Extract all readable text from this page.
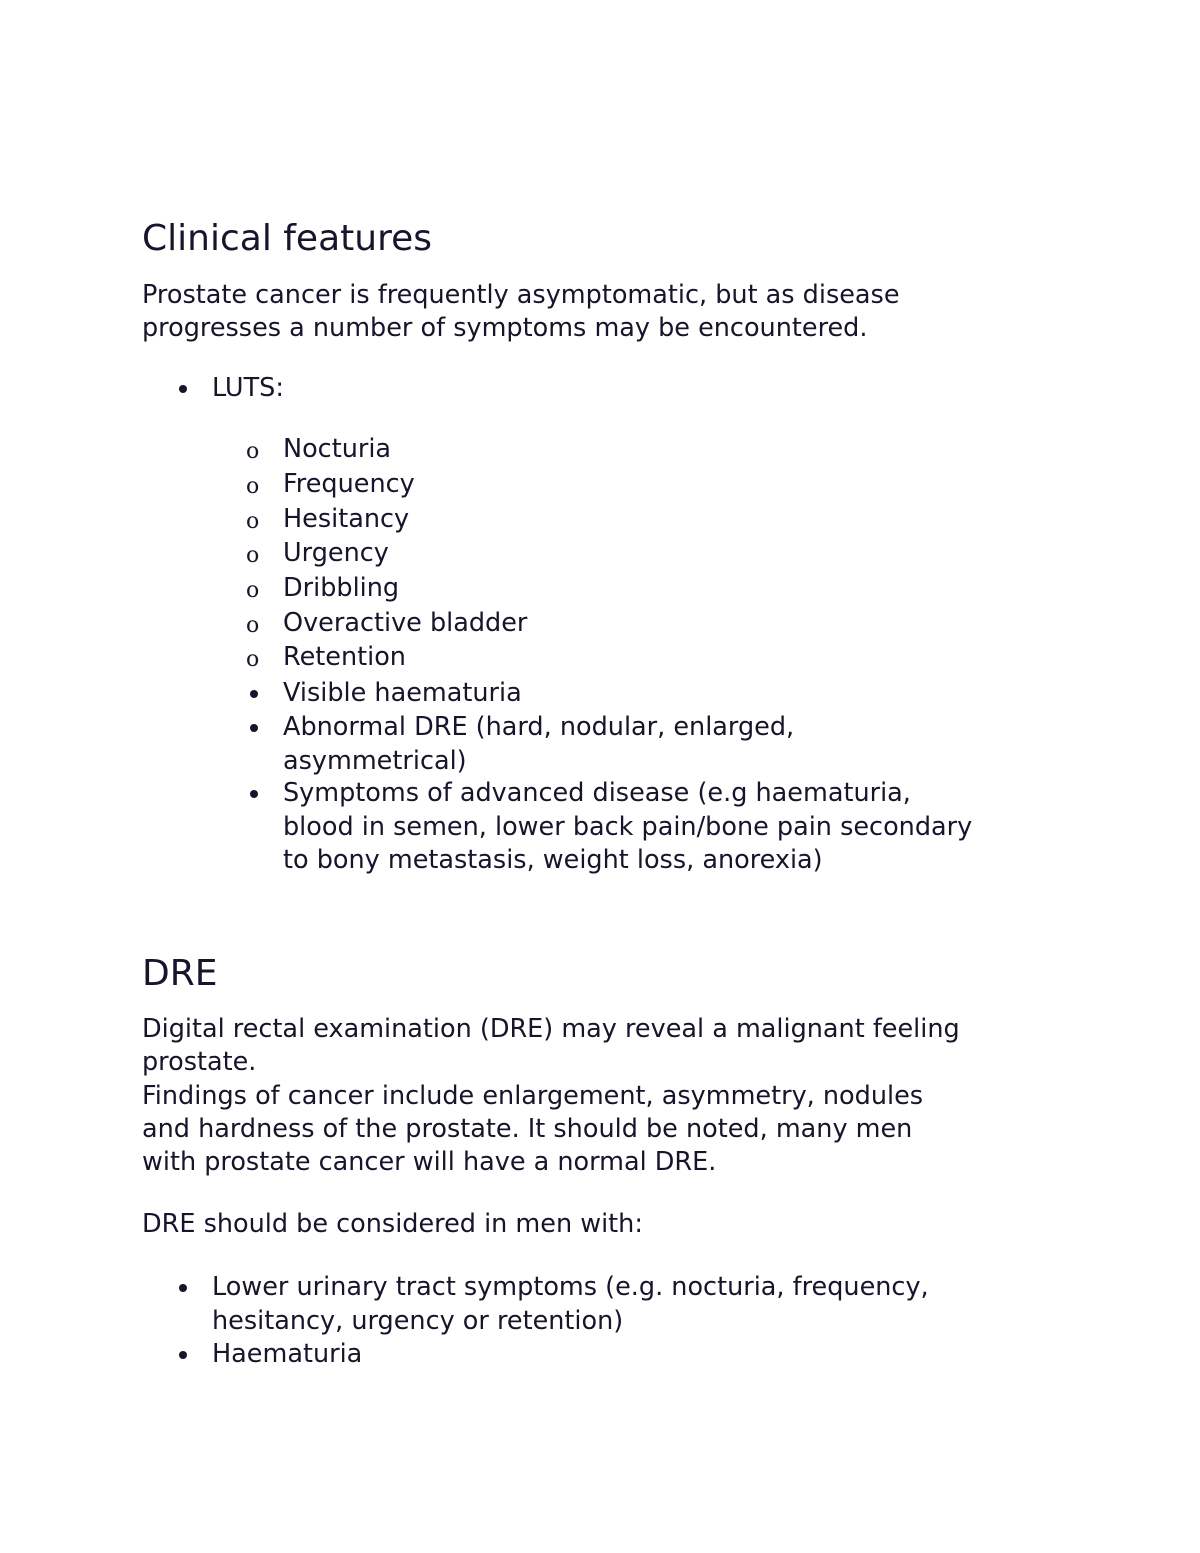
Clinical features

Prostate cancer is frequently asymptomatic, but as disease

progresses a number of symptoms may be encountered.

LUTS:
o Nocturia
o Frequency
o Hesitancy
o Urgency
o Dribbling
o Overactive bladder
o Retention
Visible haematuria
Abnormal DRE (hard, nodular, enlarged,
asymmetrical)
Symptoms of advanced disease (e.g haematuria,
blood in semen, lower back pain/bone pain secondary
to bony metastasis, weight loss, anorexia)
DRE

Digital rectal examination (DRE) may reveal a malignant feeling

prostate.

Findings of cancer include enlargement, asymmetry, nodules

and hardness of the prostate. It should be noted, many men

with prostate cancer will have a normal DRE.

DRE should be considered in men with:

Lower urinary tract symptoms (e.g. nocturia, frequency,
hesitancy, urgency or retention)
Haematuria
